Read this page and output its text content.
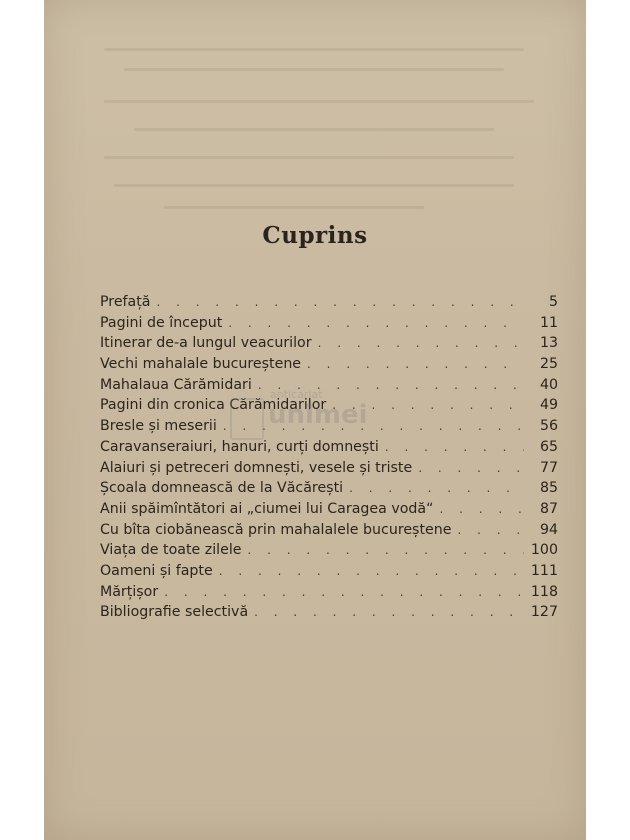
Cuprins
Prefață . . .	5
Pagini de început . . .	11
Itinerar de-a lungul veacurilor . . .	13
Vechi mahalale bucureștene . . .	25
Mahalaua Cărămidari . . .	40
Pagini din cronica Cărămidarilor . . .	49
Bresle și meserii . . .	56
Caravanseraiuri, hanuri, curți domnești . . .	65
Alaiuri și petreceri domnești, vesele și triste . . .	77
Școala domnească de la Văcărești . . .	85
Anii spăimîntători ai „ciumei lui Caragea vodă“ . . .	87
Cu bîta ciobănească prin mahalalele bucureștene . . .	94
Viața de toate zilele . . .	100
Oameni și fapte . . .	111
Mărțișor . . .	118
Bibliografie selectivă . . .	127
anticariat
unimei
